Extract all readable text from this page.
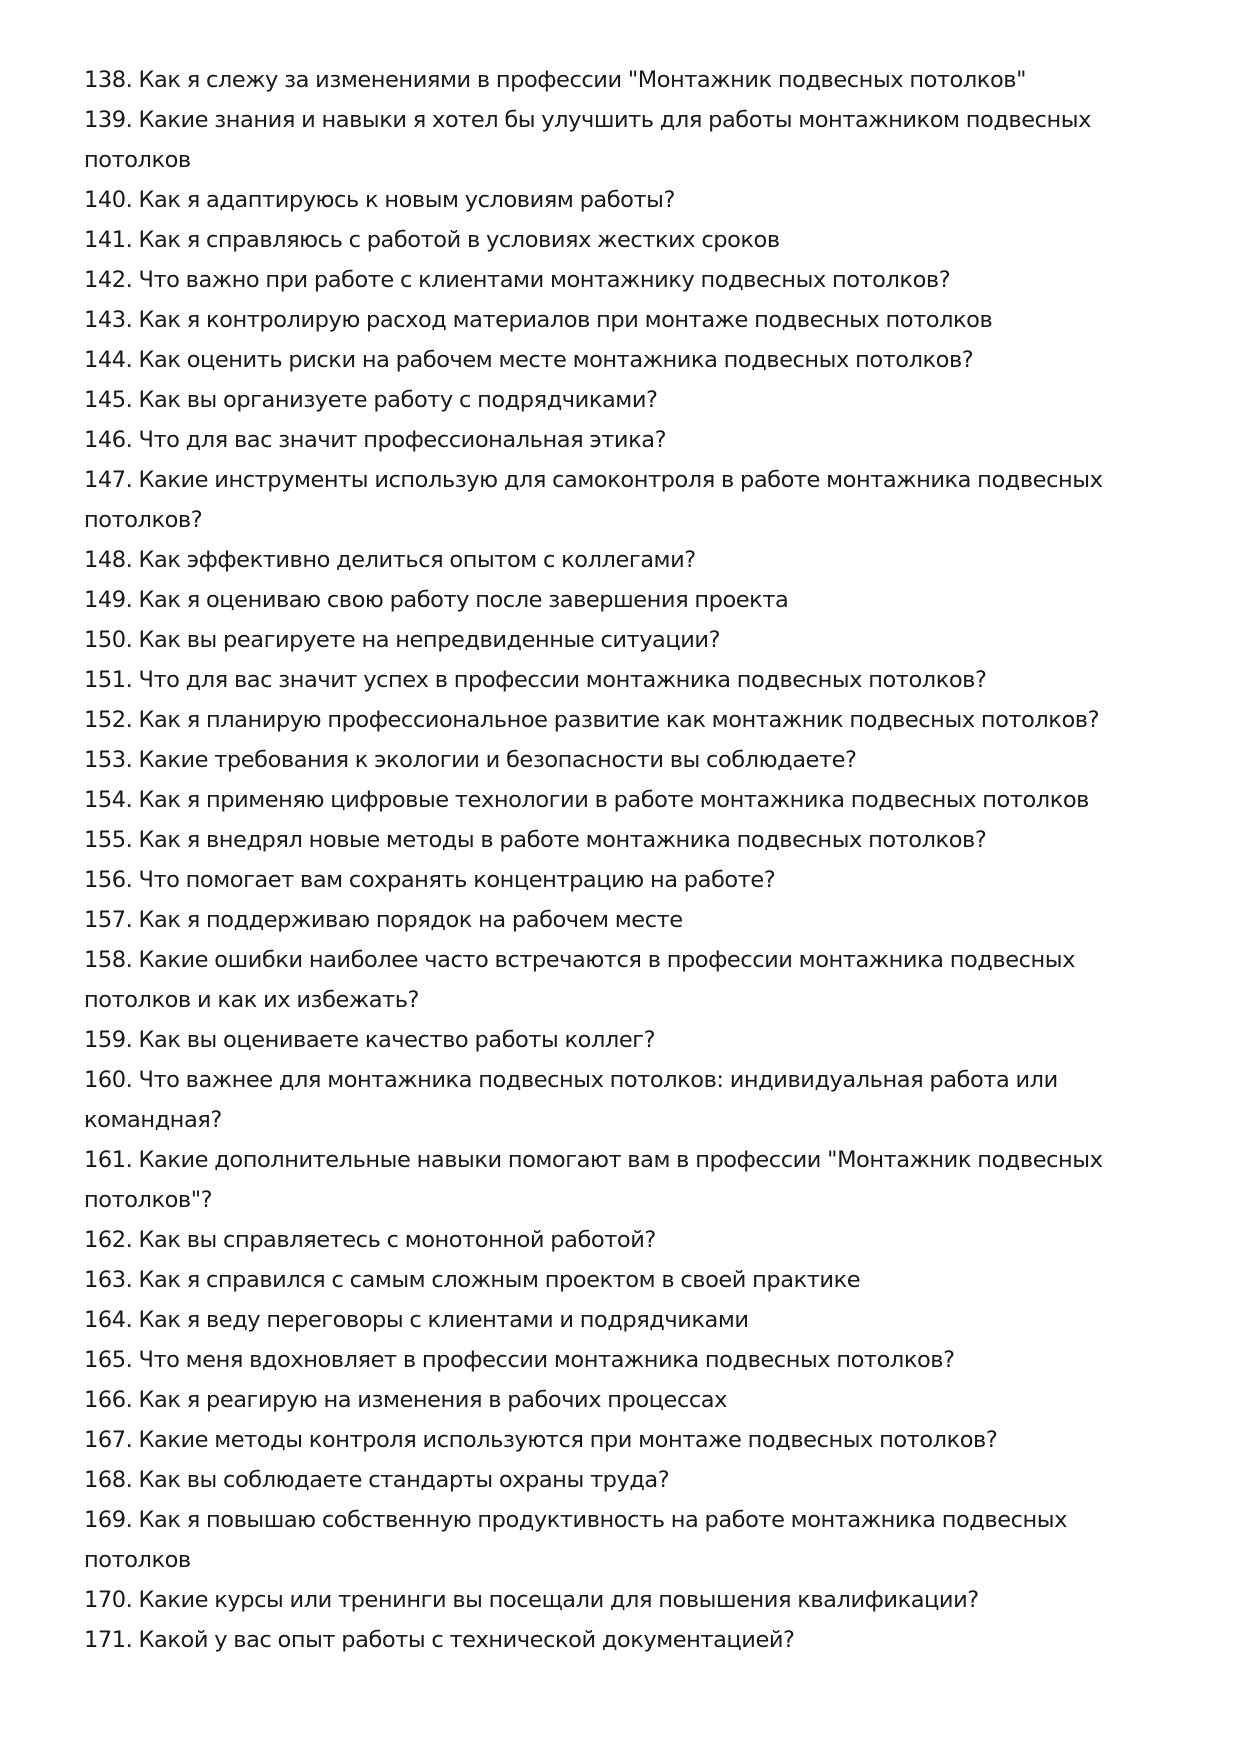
138. Как я слежу за изменениями в профессии "Монтажник подвесных потолков"
139. Какие знания и навыки я хотел бы улучшить для работы монтажником подвесных потолков
140. Как я адаптируюсь к новым условиям работы?
141. Как я справляюсь с работой в условиях жестких сроков
142. Что важно при работе с клиентами монтажнику подвесных потолков?
143. Как я контролирую расход материалов при монтаже подвесных потолков
144. Как оценить риски на рабочем месте монтажника подвесных потолков?
145. Как вы организуете работу с подрядчиками?
146. Что для вас значит профессиональная этика?
147. Какие инструменты использую для самоконтроля в работе монтажника подвесных потолков?
148. Как эффективно делиться опытом с коллегами?
149. Как я оцениваю свою работу после завершения проекта
150. Как вы реагируете на непредвиденные ситуации?
151. Что для вас значит успех в профессии монтажника подвесных потолков?
152. Как я планирую профессиональное развитие как монтажник подвесных потолков?
153. Какие требования к экологии и безопасности вы соблюдаете?
154. Как я применяю цифровые технологии в работе монтажника подвесных потолков
155. Как я внедрял новые методы в работе монтажника подвесных потолков?
156. Что помогает вам сохранять концентрацию на работе?
157. Как я поддерживаю порядок на рабочем месте
158. Какие ошибки наиболее часто встречаются в профессии монтажника подвесных потолков и как их избежать?
159. Как вы оцениваете качество работы коллег?
160. Что важнее для монтажника подвесных потолков: индивидуальная работа или командная?
161. Какие дополнительные навыки помогают вам в профессии "Монтажник подвесных потолков"?
162. Как вы справляетесь с монотонной работой?
163. Как я справился с самым сложным проектом в своей практике
164. Как я веду переговоры с клиентами и подрядчиками
165. Что меня вдохновляет в профессии монтажника подвесных потолков?
166. Как я реагирую на изменения в рабочих процессах
167. Какие методы контроля используются при монтаже подвесных потолков?
168. Как вы соблюдаете стандарты охраны труда?
169. Как я повышаю собственную продуктивность на работе монтажника подвесных потолков
170. Какие курсы или тренинги вы посещали для повышения квалификации?
171. Какой у вас опыт работы с технической документацией?
